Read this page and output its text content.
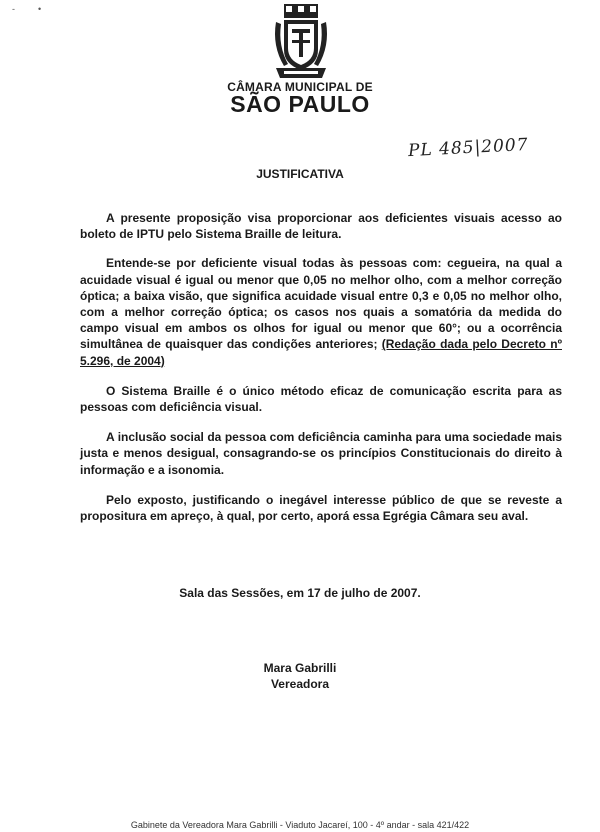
-	•
CÂMARA MUNICIPAL DE
SÃO PAULO
PL 485|2007
JUSTIFICATIVA

A presente proposição visa proporcionar aos deficientes visuais acesso ao boleto de IPTU pelo Sistema Braille de leitura.

Entende-se por deficiente visual todas às pessoas com: cegueira, na qual a acuidade visual é igual ou menor que 0,05 no melhor olho, com a melhor correção óptica; a baixa visão, que significa acuidade visual entre 0,3 e 0,05 no melhor olho, com a melhor correção óptica; os casos nos quais a somatória da medida do campo visual em ambos os olhos for igual ou menor que 60°; ou a ocorrência simultânea de quaisquer das condições anteriores; (Redação dada pelo Decreto nº 5.296, de 2004)

O Sistema Braille é o único método eficaz de comunicação escrita para as pessoas com deficiência visual.

A inclusão social da pessoa com deficiência caminha para uma sociedade mais justa e menos desigual, consagrando-se os princípios Constitucionais do direito à informação e a isonomia.

Pelo exposto, justificando o inegável interesse público de que se reveste a propositura em apreço, à qual, por certo, aporá essa Egrégia Câmara seu aval.

Sala das Sessões, em 17 de julho de 2007.
Mara Gabrilli
Vereadora
Gabinete da Vereadora Mara Gabrilli - Viaduto Jacareí, 100 - 4º andar - sala 421/422
